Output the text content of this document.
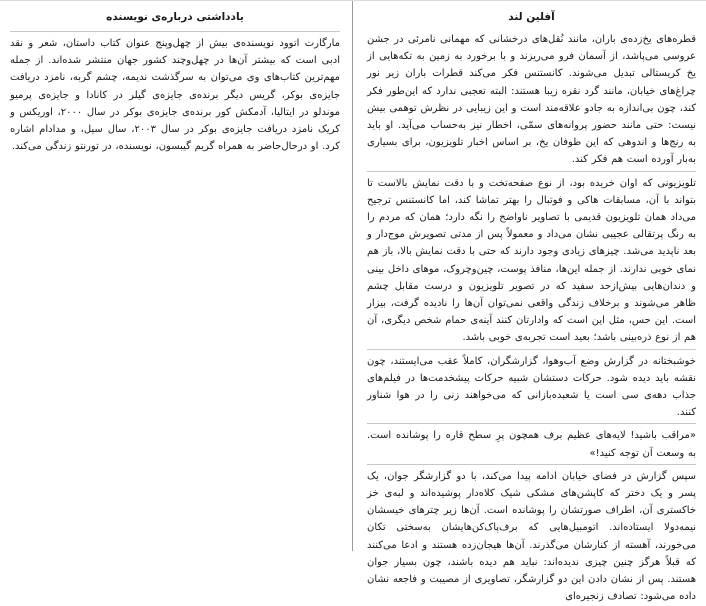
یادداشتی درباره‌ی نویسنده

مارگارت اتوود نویسنده‌ی بیش از چهل‌وپنج عنوان کتاب داستان، شعر و نقد ادبی است که بیشتر آن‌ها در چهل‌وچند کشور جهان منتشر شده‌اند. از جمله مهم‌ترین کتاب‌های وی می‌توان به سرگذشت ندیمه، چشم گربه، نامزد دریافت جایزه‌ی بوکر، گریس دیگر برنده‌ی جایزه‌ی گیلر در کانادا و جایزه‌ی پرمیو موندلو در ایتالیا، آدمکش کور برنده‌ی جایزه‌ی بوکر در سال ۲۰۰۰، اوریکس و کریک نامزد دریافت جایزه‌ی بوکر در سال ۲۰۰۳، سال سیل، و مدادام اشاره کرد. او درحال‌حاضر به همراه گریم گیبسون، نویسنده، در تورنتو زندگی می‌کند.

آفلین لند

قطره‌های یخ‌زده‌ی باران، مانند نُقل‌های درخشانی که مهمانی نامرئی در جشن عروسی می‌پاشد، از آسمان فرو می‌ریزند و با برخورد به زمین به تکه‌هایی از یخ کریستالی تبدیل می‌شوند. کانستنس فکر می‌کند قطرات باران زیر نور چراغ‌های خیابان، مانند گرد نقره زیبا هستند: البته تعجبی ندارد که این‌طور فکر کند، چون بی‌اندازه به جادو علاقه‌مند است و این زیبایی در نظرش توهمی بیش نیست: حتی مانند حضور پروانه‌های سمّی، اخطار نیز به‌حساب می‌آید. او باید به رنج‌ها و اندوهی که این طوفان یخ، بر اساس اخبار تلویزیون، برای بسیاری به‌بار آورده است هم فکر کند.

تلویزیونی که اوان خریده بود، از نوع صفحه‌تخت و با دقت نمایش بالاست تا بتواند با آن، مسابقات هاکی و فوتبال را بهتر تماشا کند، اما کانستنس ترجیح می‌داد همان تلویزیون قدیمی با تصاویر ناواضح را نگه دارد؛ همان که مردم را به رنگ پرتقالی عجیبی نشان می‌داد و معمولاً پس از مدتی تصویرش موج‌دار و بعد ناپدید می‌شد. چیزهای زیادی وجود دارند که حتی با دقت نمایش بالا، باز هم نمای خوبی ندارند. از جمله این‌ها، منافذ پوست، چین‌وچروک، موهای داخل بینی و دندان‌هایی بیش‌ازحد سفید که در تصویر تلویزیون و درست مقابل چشم ظاهر می‌شوند و برخلاف زندگی واقعی نمی‌توان آن‌ها را نادیده گرفت، بیزار است. این حس، مثل این است که وادارتان کنند آینه‌ی حمام شخص دیگری، آن هم از نوع ذره‌بینی باشد؛ بعید است تجربه‌ی خوبی باشد.

خوشبختانه در گزارش وضع آب‌وهوا، گزارشگران، کاملاً عقب می‌ایستند، چون نقشه باید دیده شود. حرکات دستشان شبیه حرکات پیشخدمت‌ها در فیلم‌های جذاب دهه‌ی سی است یا شعبده‌بازانی که می‌خواهند زنی را در هوا شناور کنند.

«مراقب باشید! لایه‌های عظیم برف همچون پرِ سطح قاره را پوشانده است. به وسعت آن توجه کنید!»

سپس گزارش در فضای خیابان ادامه پیدا می‌کند، با دو گزارشگر جوان، یک پسر و یک دختر که کاپشن‌های مشکی شیک کلاه‌دار پوشیده‌اند و لبه‌ی خز خاکستری آن، اطراف صورتشان را پوشانده است. آن‌ها زیر چترهای خیسشان نیمه‌دولا ایستاده‌اند. اتومبیل‌هایی که برف‌پاک‌کن‌هایشان به‌سختی تکان می‌خورند، آهسته از کنارشان می‌گذرند. آن‌ها هیجان‌زده هستند و ادعا می‌کنند که قبلاً هرگز چنین چیزی ندیده‌اند: نباید هم دیده باشند، چون بسیار جوان هستند. پس از نشان دادن این دو گزارشگر، تصاویری از مصیبت و فاجعه نشان داده می‌شود: تصادف زنجیره‌ای
